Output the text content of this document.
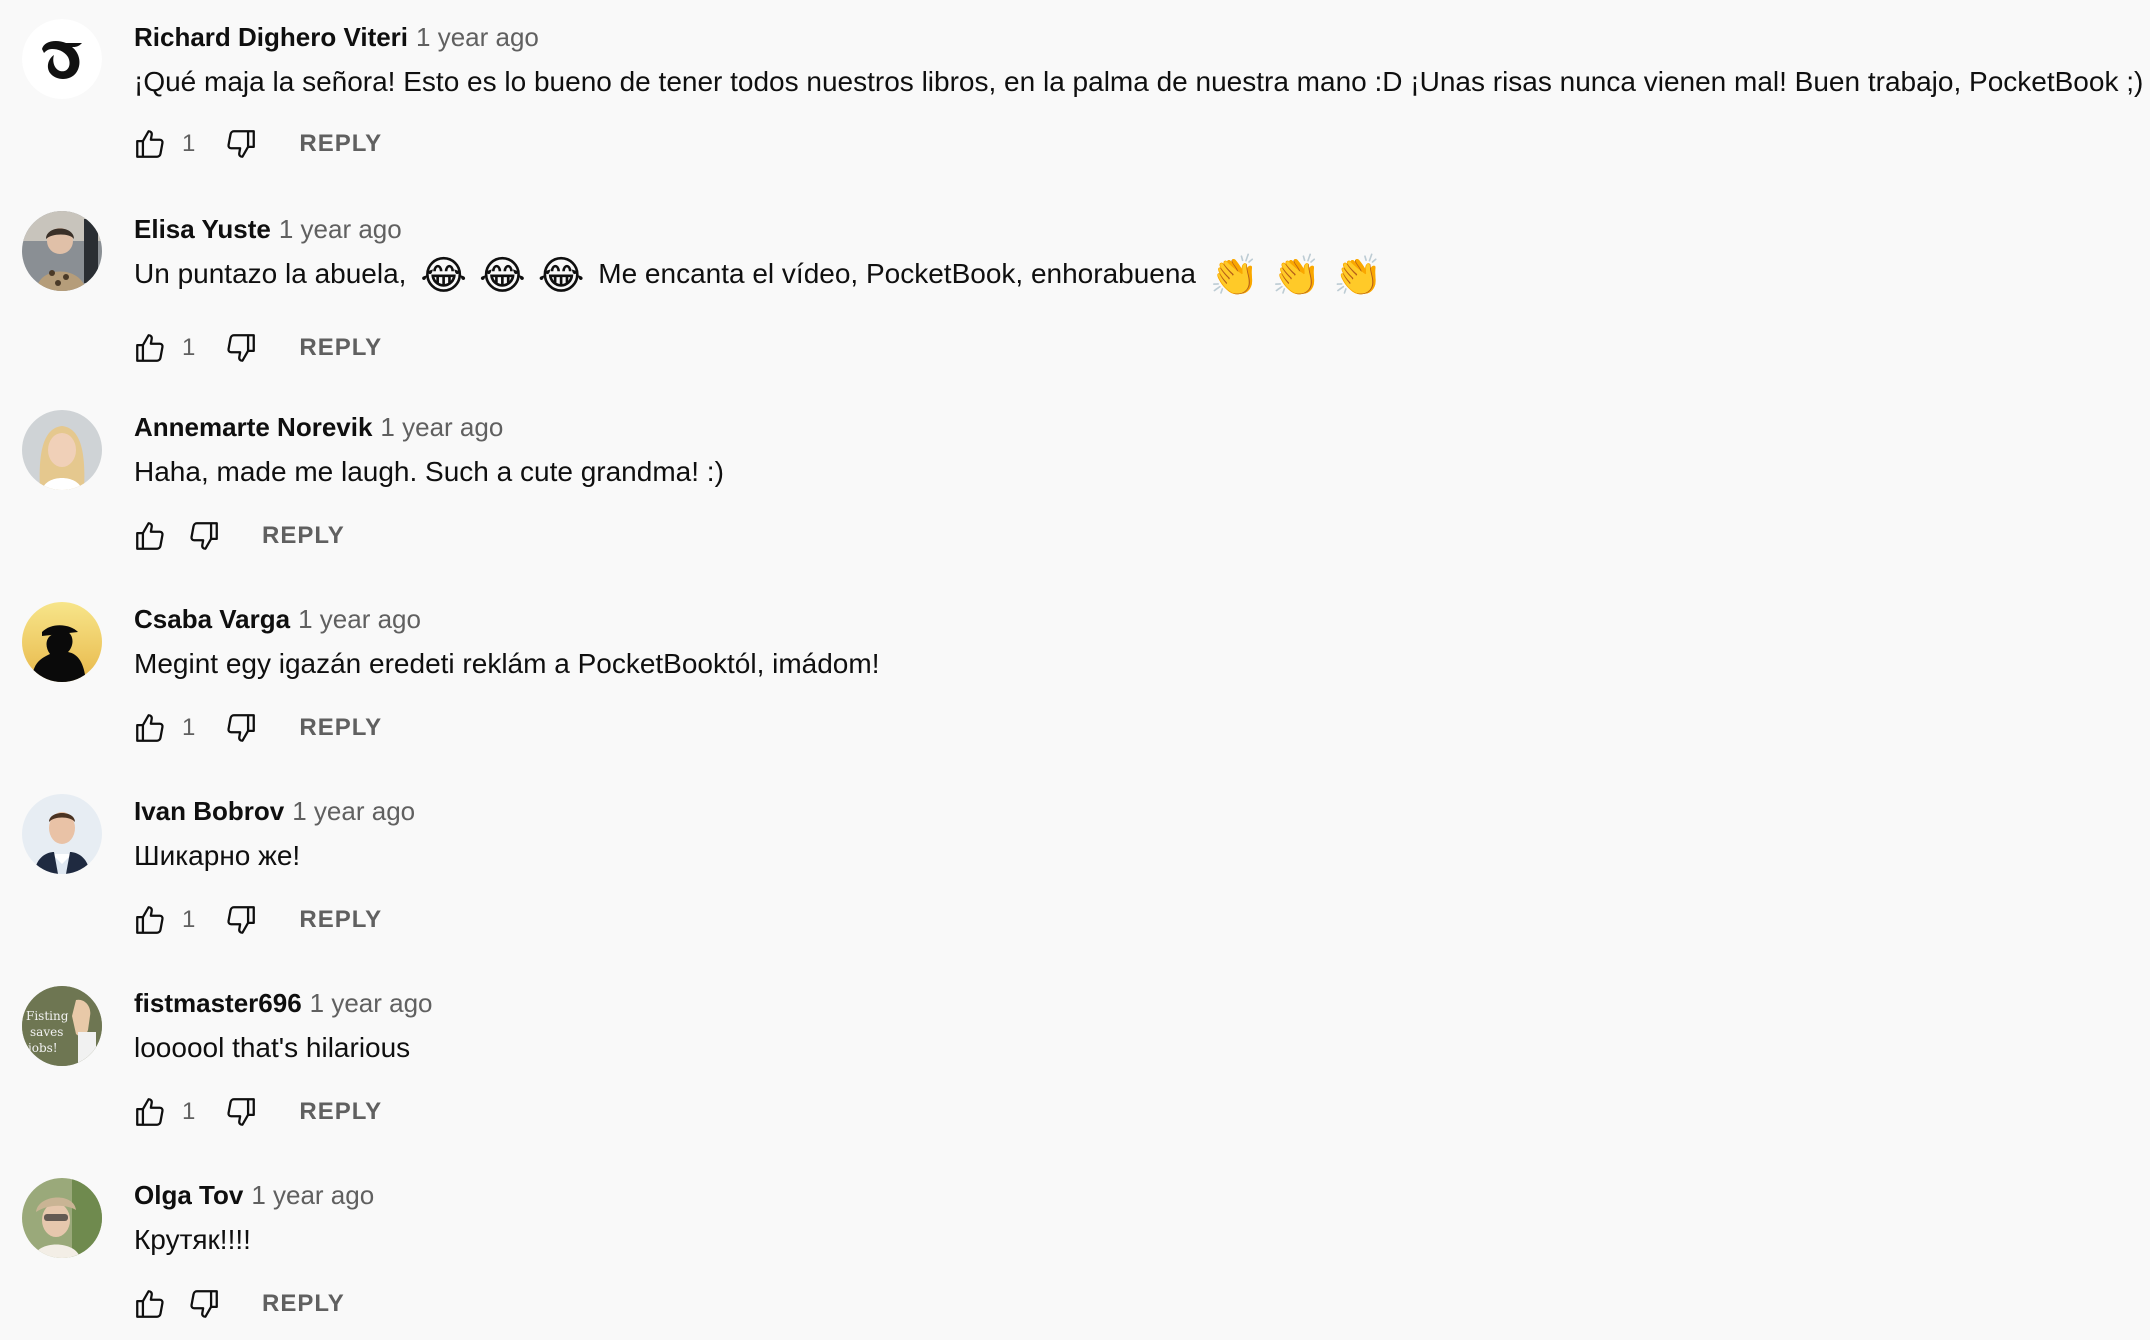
Richard Dighero Viteri 1 year ago
¡Qué maja la señora! Esto es lo bueno de tener todos nuestros libros, en la palma de nuestra mano :D ¡Unas risas nunca vienen mal! Buen trabajo, PocketBook ;)
1	REPLY
Elisa Yuste 1 year ago
Un puntazo la abuela, 😂 😂 😂 Me encanta el vídeo, PocketBook, enhorabuena 👏 👏 👏
1	REPLY
Annemarte Norevik 1 year ago
Haha, made me laugh. Such a cute grandma! :)
REPLY
Csaba Varga 1 year ago
Megint egy igazán eredeti reklám a PocketBooktól, imádom!
1	REPLY
Ivan Bobrov 1 year ago
Шикарно же!
1	REPLY
Fisting
saves
jobs!
fistmaster696 1 year ago
loooool that's hilarious
1	REPLY
Olga Tov 1 year ago
Крутяк!!!!
REPLY
